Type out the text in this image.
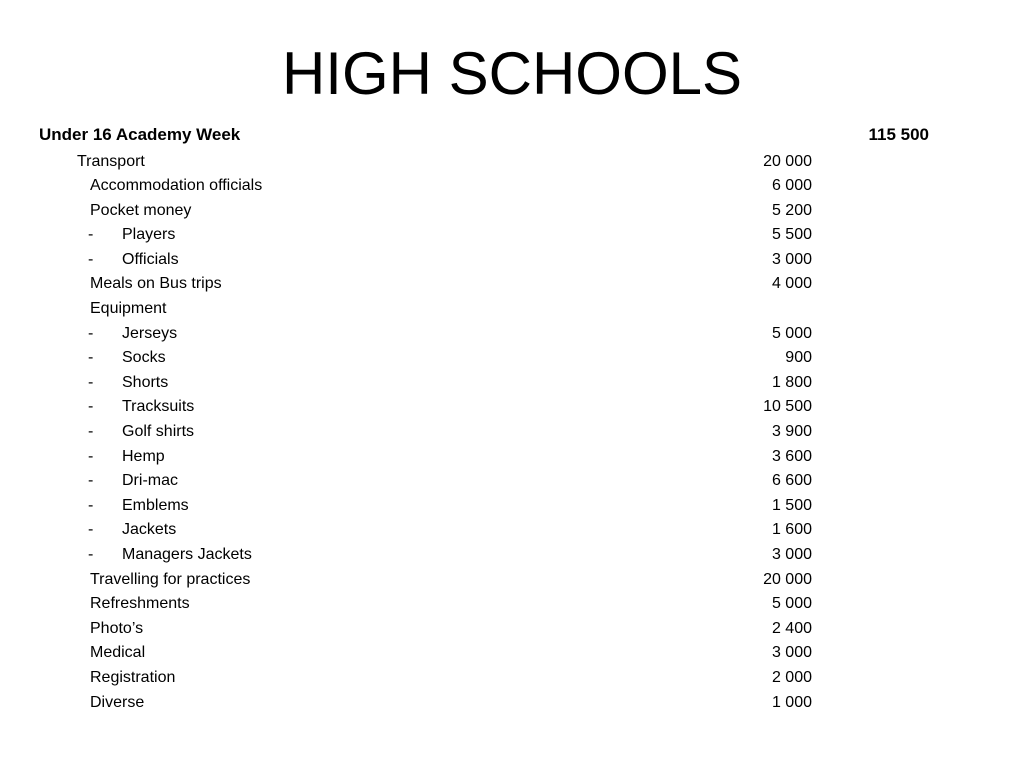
HIGH SCHOOLS
Under 16 Academy Week	115 500
Transport	20 000
Accommodation officials	6 000
Pocket money	5 200
- Players	5 500
- Officials	3 000
Meals on Bus trips	4 000
Equipment
- Jerseys	5 000
- Socks	900
- Shorts	1 800
- Tracksuits	10 500
- Golf shirts	3 900
- Hemp	3 600
- Dri-mac	6 600
- Emblems	1 500
- Jackets	1 600
- Managers Jackets	3 000
Travelling for practices	20 000
Refreshments	5 000
Photo’s	2 400
Medical	3 000
Registration	2 000
Diverse	1 000
